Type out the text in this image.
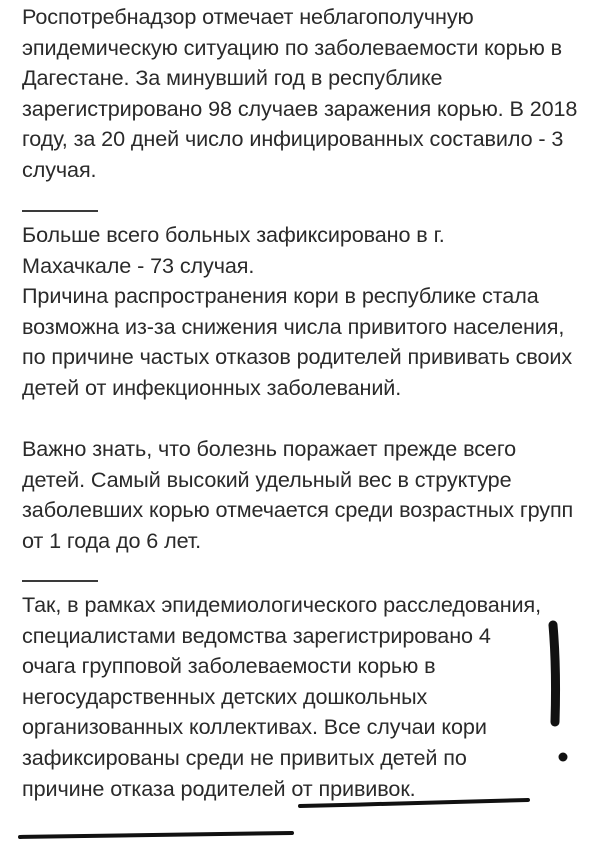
Роспотребнадзор отмечает неблагополучную эпидемическую ситуацию по заболеваемости корью в Дагестане. За минувший год в республике зарегистрировано 98 случаев заражения корью. В 2018 году, за 20 дней число инфицированных составило - 3 случая.

Больше всего больных зафиксировано в г. Махачкале - 73 случая.

Причина распространения кори в республике стала возможна из-за снижения числа привитого населения, по причине частых отказов родителей прививать своих детей от инфекционных заболеваний.

Важно знать, что болезнь поражает прежде всего детей. Самый высокий удельный вес в структуре заболевших корью отмечается среди возрастных групп от 1 года до 6 лет.

Так, в рамках эпидемиологического расследования, специалистами ведомства зарегистрировано 4 очага групповой заболеваемости корью в негосударственных детских дошкольных организованных коллективах. Все случаи кори зафиксированы среди не привитых детей по причине отказа родителей от прививок.
